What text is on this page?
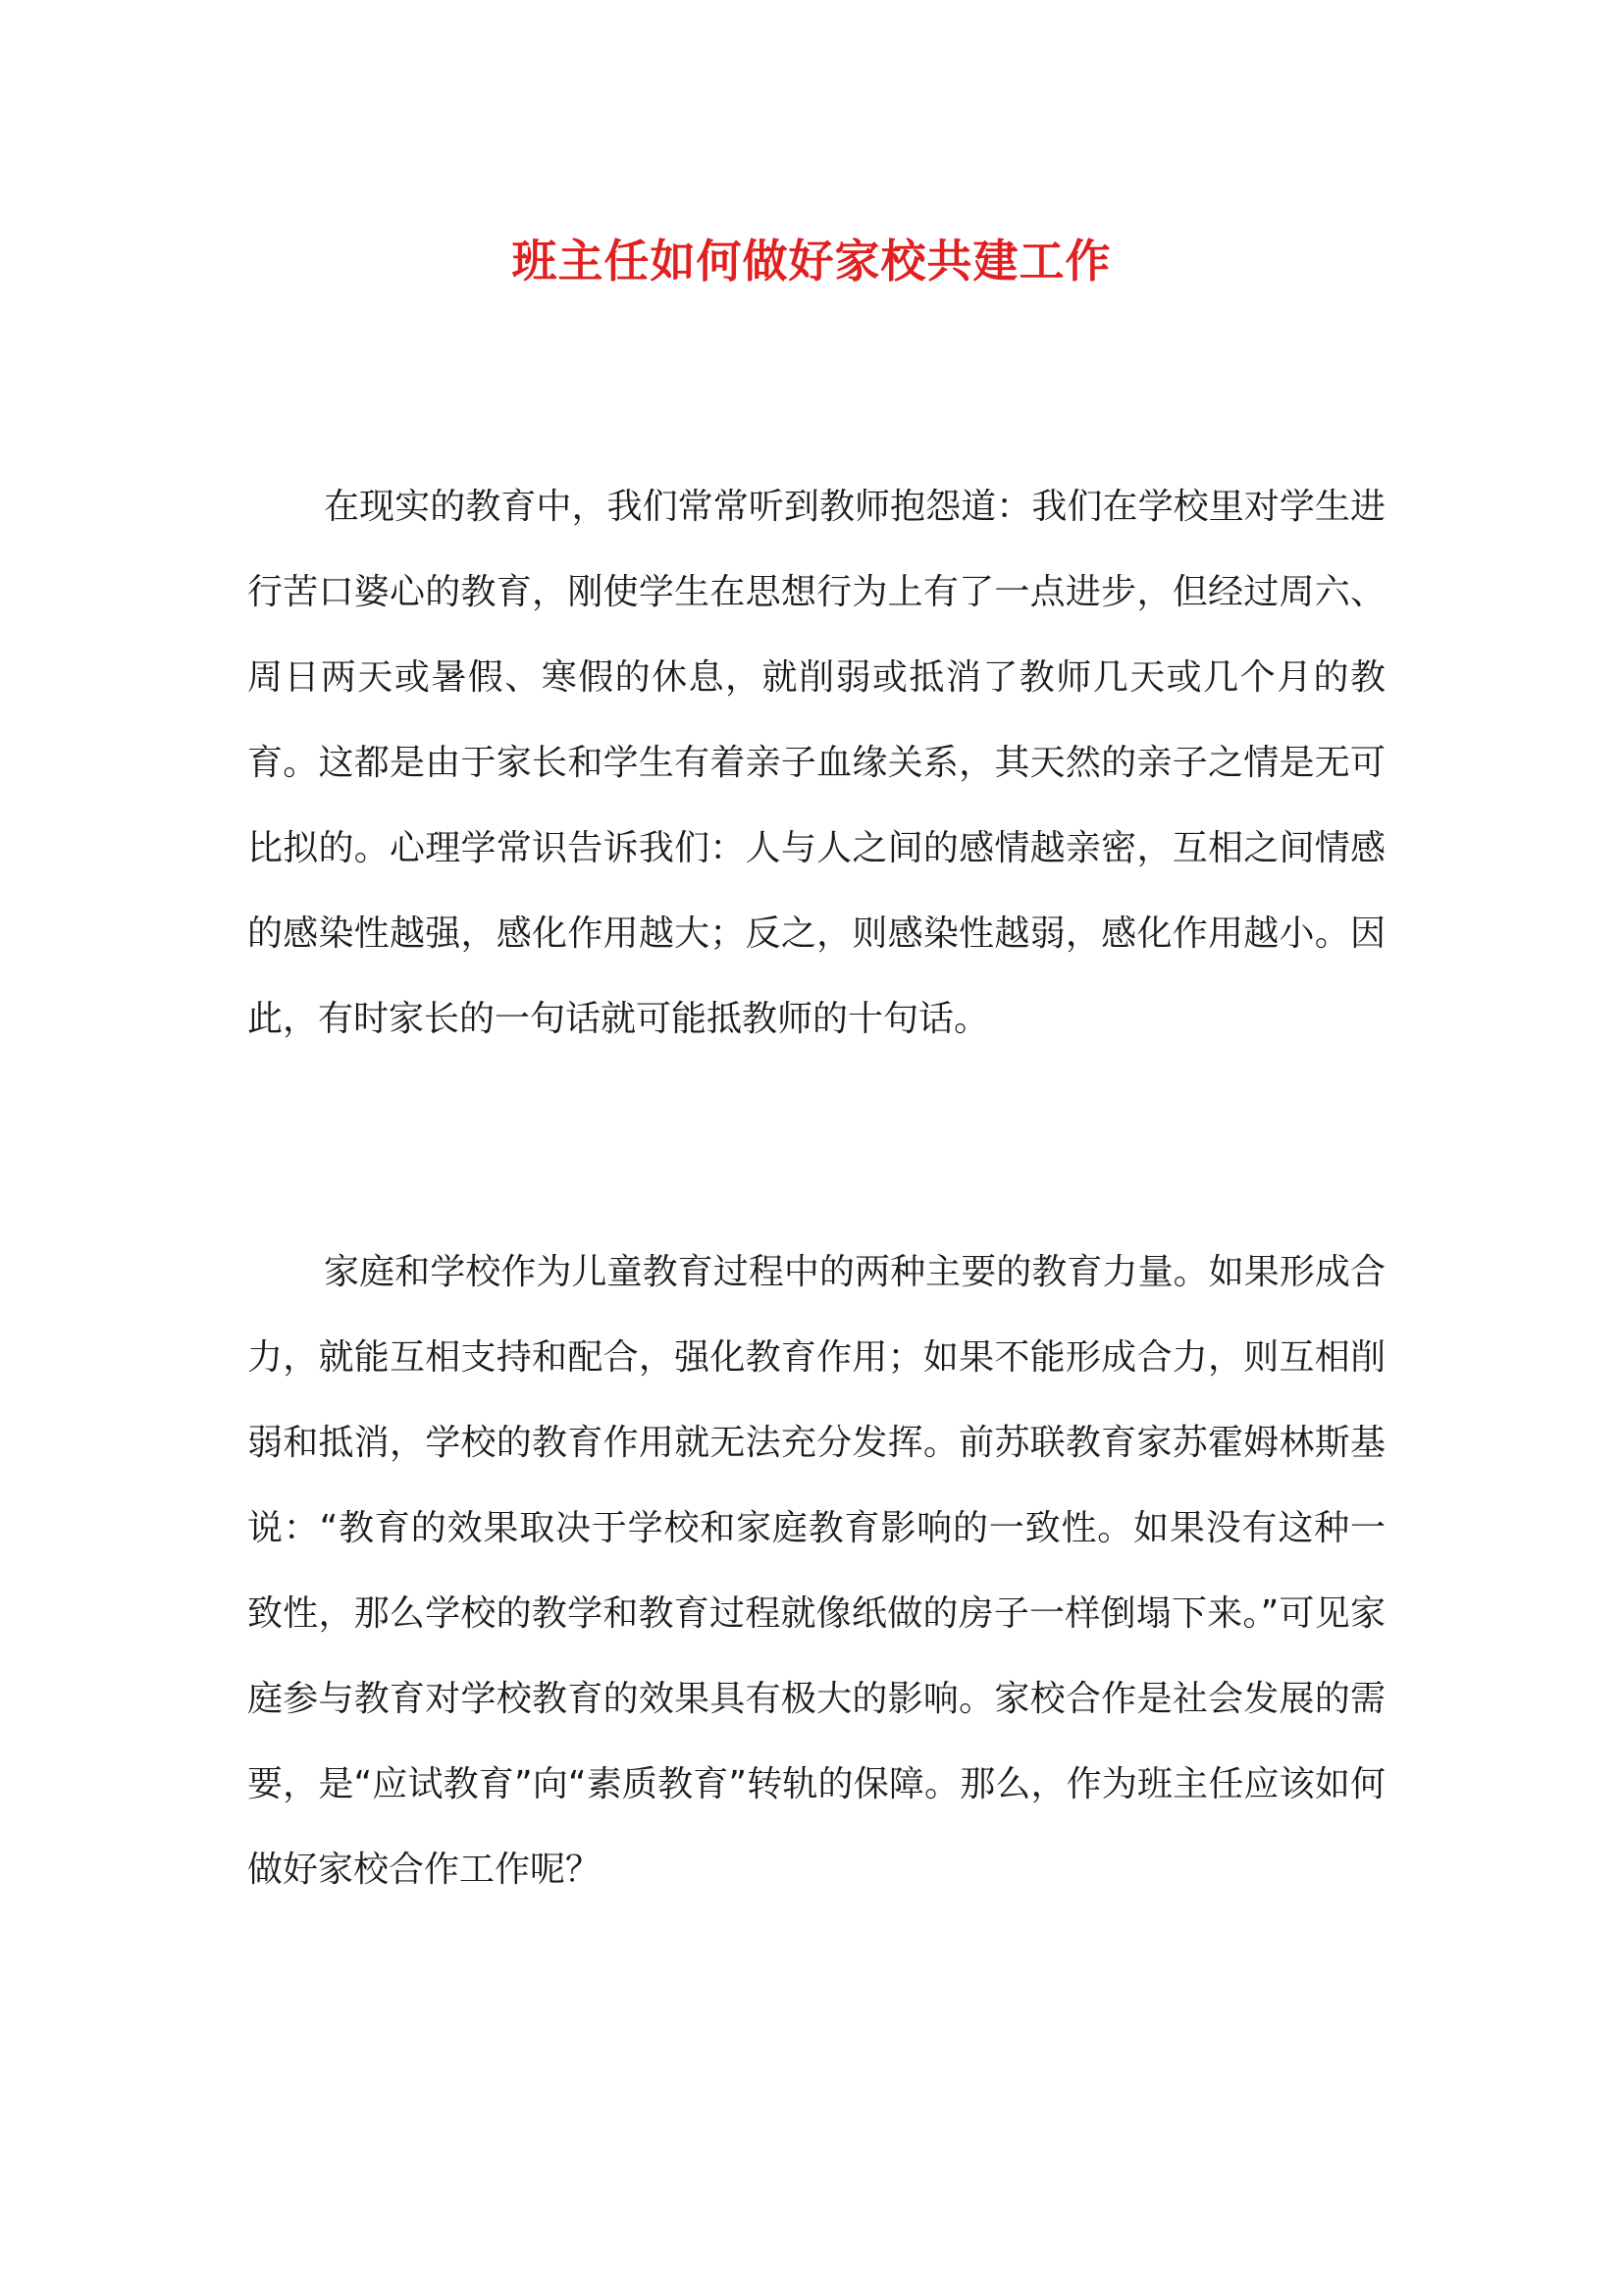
班主任如何做好家校共建工作

在现实的教育中，我们常常听到教师抱怨道：我们在学校里对学生进行苦口婆心的教育，刚使学生在思想行为上有了一点进步，但经过周六、周日两天或暑假、寒假的休息，就削弱或抵消了教师几天或几个月的教育。这都是由于家长和学生有着亲子血缘关系，其天然的亲子之情是无可比拟的。心理学常识告诉我们：人与人之间的感情越亲密，互相之间情感的感染性越强，感化作用越大；反之，则感染性越弱，感化作用越小。因此，有时家长的一句话就可能抵教师的十句话。

家庭和学校作为儿童教育过程中的两种主要的教育力量。如果形成合力，就能互相支持和配合，强化教育作用；如果不能形成合力，则互相削弱和抵消，学校的教育作用就无法充分发挥。前苏联教育家苏霍姆林斯基说：“教育的效果取决于学校和家庭教育影响的一致性。如果没有这种一致性，那么学校的教学和教育过程就像纸做的房子一样倒塌下来。”可见家庭参与教育对学校教育的效果具有极大的影响。家校合作是社会发展的需要，是“应试教育”向“素质教育”转轨的保障。那么，作为班主任应该如何做好家校合作工作呢？
